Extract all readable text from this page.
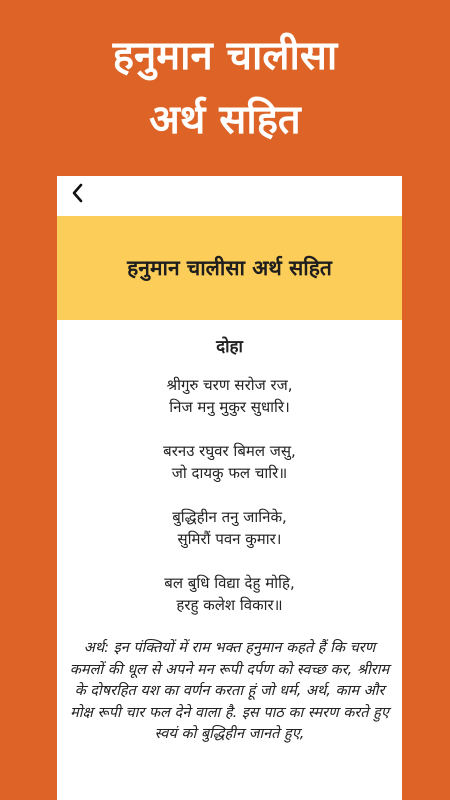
हनुमान चालीसा
अर्थ सहित
हनुमान चालीसा अर्थ सहित
दोहा
श्रीगुरु चरण सरोज रज,
निज मनु मुकुर सुधारि।
बरनउ रघुवर बिमल जसु,
जो दायकु फल चारि॥
बुद्धिहीन तनु जानिके,
सुमिरौं पवन कुमार।
बल बुधि विद्या देहु मोहि,
हरहु कलेश विकार॥
अर्थ: इन पंक्तियों में राम भक्त हनुमान कहते हैं कि चरण कमलों की धूल से अपने मन रूपी दर्पण को स्वच्छ कर, श्रीराम के दोषरहित यश का वर्णन करता हूं जो धर्म, अर्थ, काम और मोक्ष रूपी चार फल देने वाला है. इस पाठ का स्मरण करते हुए स्वयं को बुद्धिहीन जानते हुए,
